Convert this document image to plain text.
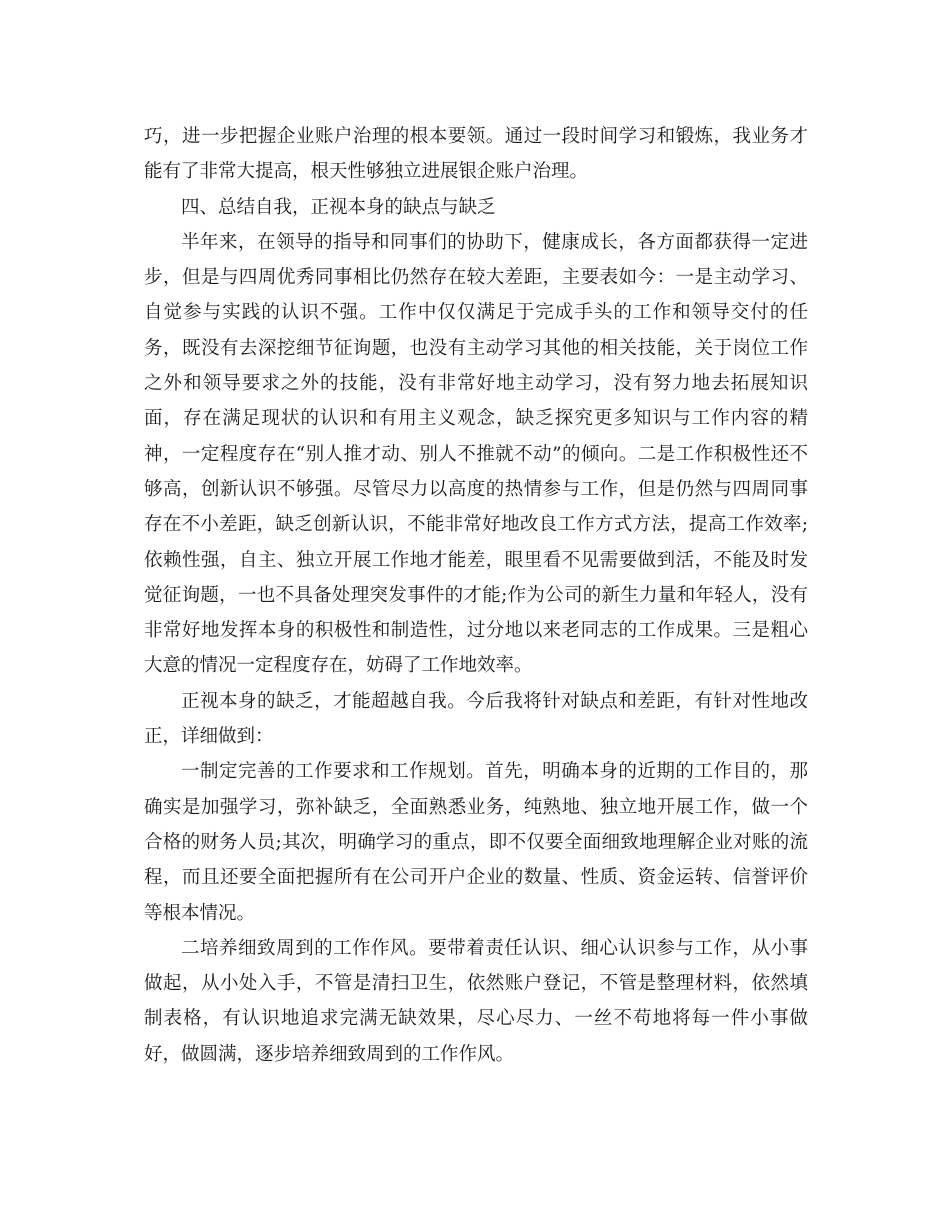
巧，进一步把握企业账户治理的根本要领。通过一段时间学习和锻炼，我业务才能有了非常大提高，根天性够独立进展银企账户治理。

四、总结自我，正视本身的缺点与缺乏

半年来，在领导的指导和同事们的协助下，健康成长，各方面都获得一定进步，但是与四周优秀同事相比仍然存在较大差距，主要表如今：一是主动学习、自觉参与实践的认识不强。工作中仅仅满足于完成手头的工作和领导交付的任务，既没有去深挖细节征询题，也没有主动学习其他的相关技能，关于岗位工作之外和领导要求之外的技能，没有非常好地主动学习，没有努力地去拓展知识面，存在满足现状的认识和有用主义观念，缺乏探究更多知识与工作内容的精神，一定程度存在“别人推才动、别人不推就不动”的倾向。二是工作积极性还不够高，创新认识不够强。尽管尽力以高度的热情参与工作，但是仍然与四周同事存在不小差距，缺乏创新认识，不能非常好地改良工作方式方法，提高工作效率;依赖性强，自主、独立开展工作地才能差，眼里看不见需要做到活，不能及时发觉征询题，一也不具备处理突发事件的才能;作为公司的新生力量和年轻人，没有非常好地发挥本身的积极性和制造性，过分地以来老同志的工作成果。三是粗心大意的情况一定程度存在，妨碍了工作地效率。

正视本身的缺乏，才能超越自我。今后我将针对缺点和差距，有针对性地改正，详细做到：

一制定完善的工作要求和工作规划。首先，明确本身的近期的工作目的，那确实是加强学习，弥补缺乏，全面熟悉业务，纯熟地、独立地开展工作，做一个合格的财务人员;其次，明确学习的重点，即不仅要全面细致地理解企业对账的流程，而且还要全面把握所有在公司开户企业的数量、性质、资金运转、信誉评价等根本情况。

二培养细致周到的工作作风。要带着责任认识、细心认识参与工作，从小事做起，从小处入手，不管是清扫卫生，依然账户登记，不管是整理材料，依然填制表格，有认识地追求完满无缺效果，尽心尽力、一丝不苟地将每一件小事做好，做圆满，逐步培养细致周到的工作作风。
